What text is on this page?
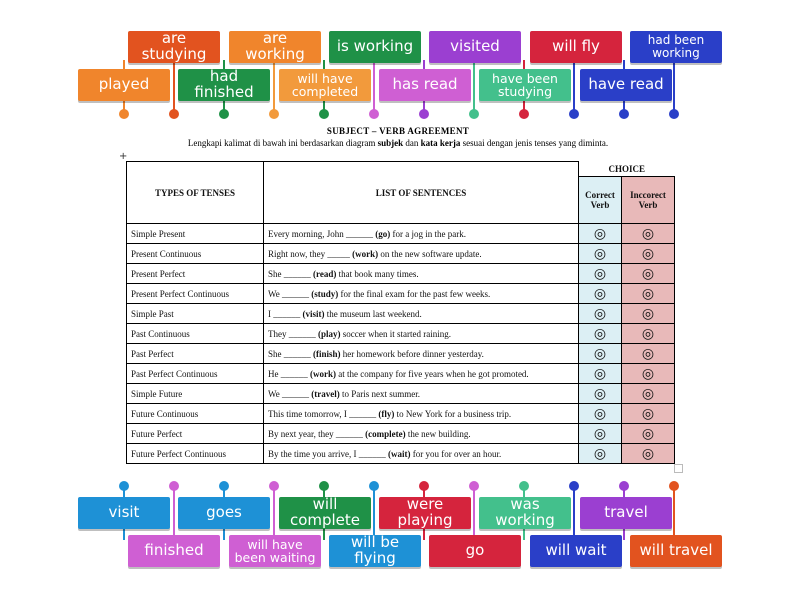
are studying
are working	is working	visited	will fly	had been working
played	had finished
will have completed	has read	have been studying	have read
SUBJECT – VERB AGREEMENT
Lengkapi kalimat di bawah ini berdasarkan diagram subjek dan kata kerja sesuai dengan jenis tenses yang diminta.
+
TYPES OF TENSES	LIST OF SENTENCES	CHOICE	
		Correct Verb	Inccorect Verb
Simple Present	Every morning, John ______ (go) for a jog in the park.	◎	◎
Present Continuous	Right now, they _____ (work) on the new software update.	◎	◎
Present Perfect	She ______ (read) that book many times.	◎	◎
Present Perfect Continuous	We ______ (study) for the final exam for the past few weeks.	◎	◎
Simple Past	I ______ (visit) the museum last weekend.	◎	◎
Past Continuous	They ______ (play) soccer when it started raining.	◎	◎
Past Perfect	She ______ (finish) her homework before dinner yesterday.	◎	◎
Past Perfect Continuous	He ______ (work) at the company for five years when he got promoted.	◎	◎
Simple Future	We ______ (travel) to Paris next summer.	◎	◎
Future Continuous	This time tomorrow, I ______ (fly) to New York for a business trip.	◎	◎
Future Perfect	By next year, they ______ (complete) the new building.	◎	◎
Future Perfect Continuous	By the time you arrive, I ______ (wait) for you for over an hour.	◎	◎
visit	goes	will complete
were playing
was working	travel
finished	will have been waiting
will be flying	go	will wait	will travel
